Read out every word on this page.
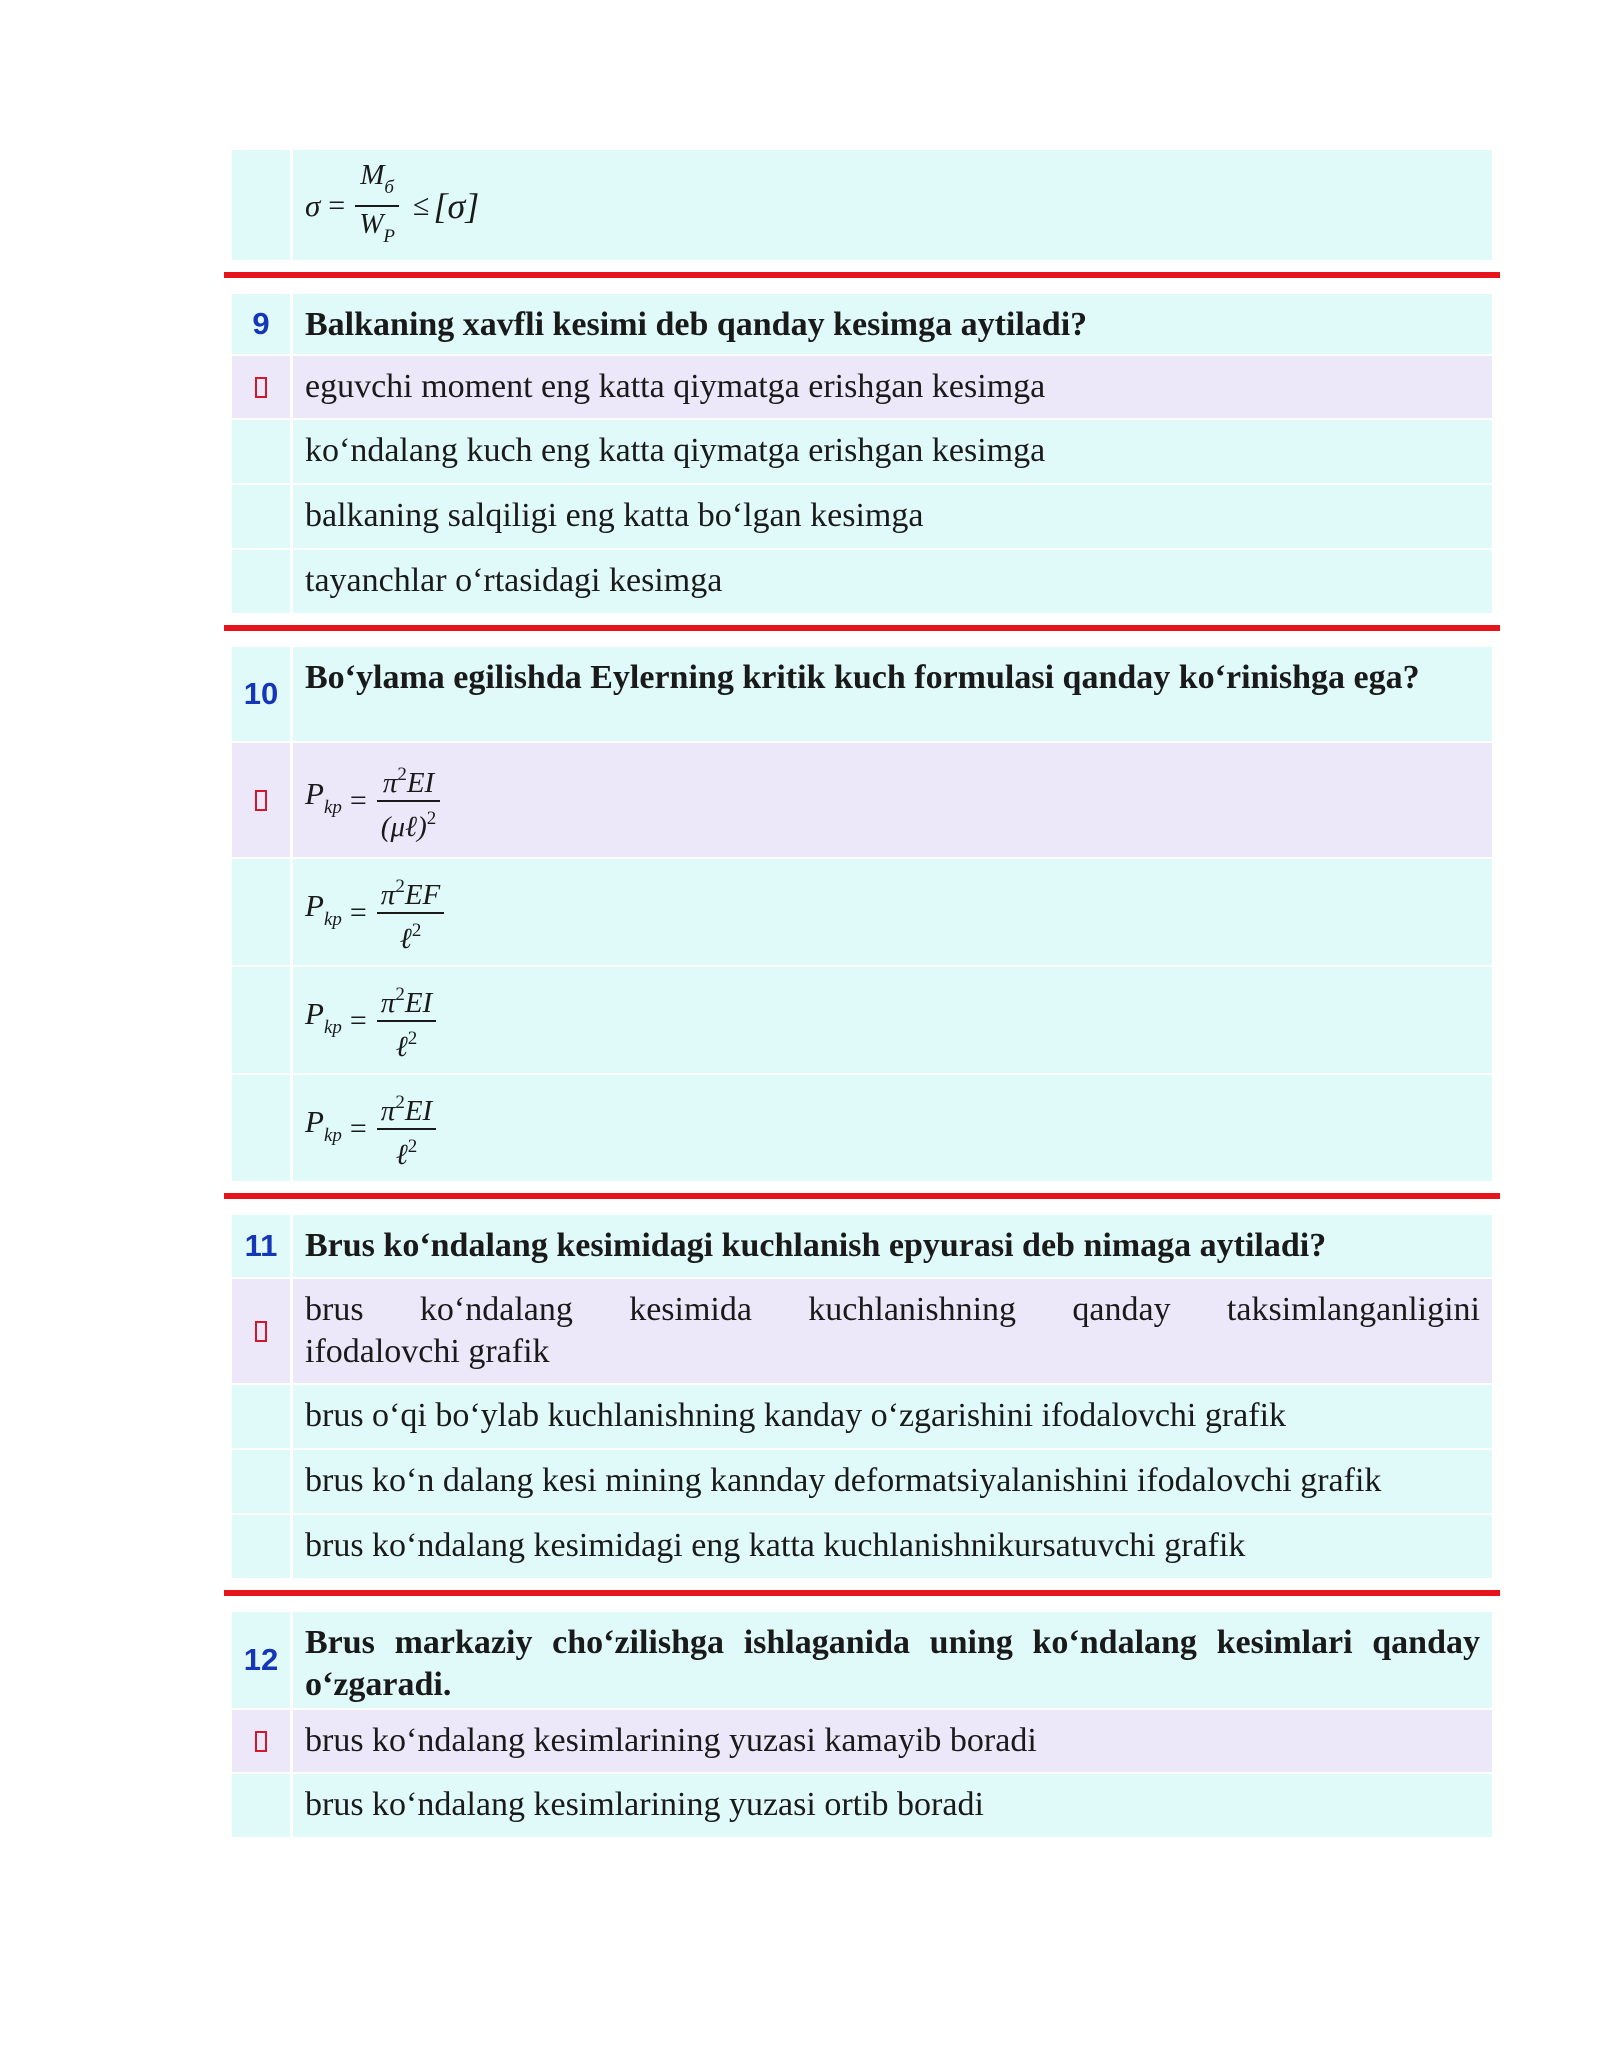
$\sigma = \frac{M_б}{W_P} \le [\sigma]$
9	Balkaning xavfli kesimi deb qanday kesimga aytiladi?
eguvchi moment eng katta qiymatga erishgan kesimga
ko‘ndalang kuch eng katta qiymatga erishgan kesimga
balkaning salqiligi eng katta bo‘lgan kesimga
tayanchlar o‘rtasidagi kesimga
10 Bo‘ylama egilishda Eylerning kritik kuch formulasi qanday ko‘rinishga ega?
$P_{kp} = \frac{\pi^2EI}{(\mu\ell)^2}$
$P_{kp} = \frac{\pi^2EF}{\ell^2}$
$P_{kp} = \frac{\pi^2EI}{\ell^2}$
$P_{kp} = \frac{\pi^2EI}{\ell^2}$
11 Brus ko‘ndalang kesimidagi kuchlanish epyurasi deb nimaga aytiladi?
brus ko‘ndalang kesimida kuchlanishning qanday taksimlanganligini
ifodalovchi grafik
brus o‘qi bo‘ylab kuchlanishning kanday o‘zgarishini ifodalovchi grafik
brus ko‘n dalang kesi mining kannday deformatsiyalanishini ifodalovchi grafik
brus ko‘ndalang kesimidagi eng katta kuchlanishnikursatuvchi grafik
12 Brus markaziy cho‘zilishga ishlaganida uning ko‘ndalang kesimlari qanday o‘zgaradi.
brus ko‘ndalang kesimlarining yuzasi kamayib boradi
brus ko‘ndalang kesimlarining yuzasi ortib boradi
